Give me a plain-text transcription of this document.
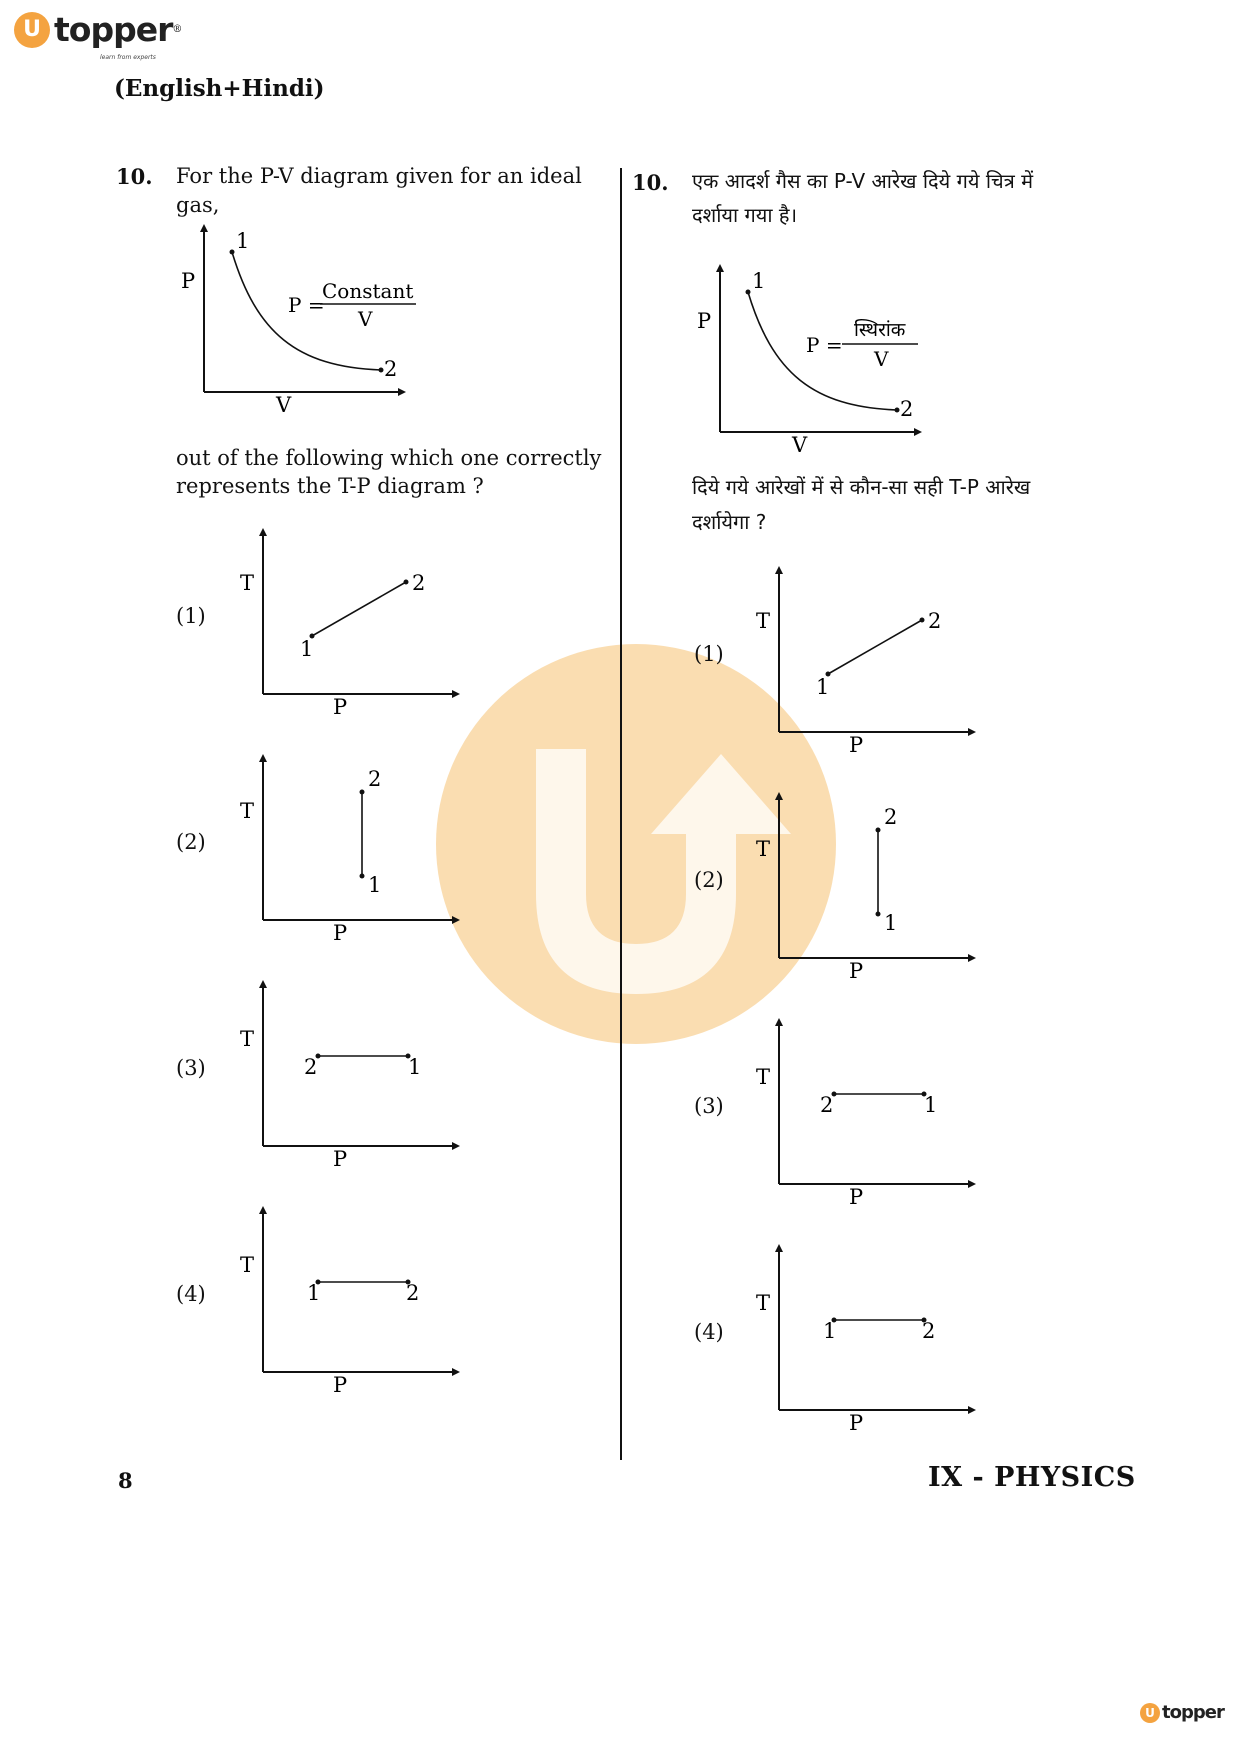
U topper ®
learn from experts
(English+Hindi)
10. For the P-V diagram given for an ideal gas,
P
V
1
2
P =
Constant
V
out of the following which one correctly
represents the T-P diagram ?
(1)
T
P
1
2
(2)
T
P
1
2
(3)
T
P
2	1
(4)
T
P
1	2
10. एक आदर्श गैस का P-V आरेख दिये गये चित्र में
दर्शाया गया है।
P
V
1
2
P =
स्थिरांक
V
दिये गये आरेखों में से कौन-सा सही T-P आरेख
दर्शायेगा ?
(1)
T
P
1
2
(2)
T
P
1
2
(3)
T
P
2	1
(4)
T
P
1	2
8	IX - PHYSICS
U topper
